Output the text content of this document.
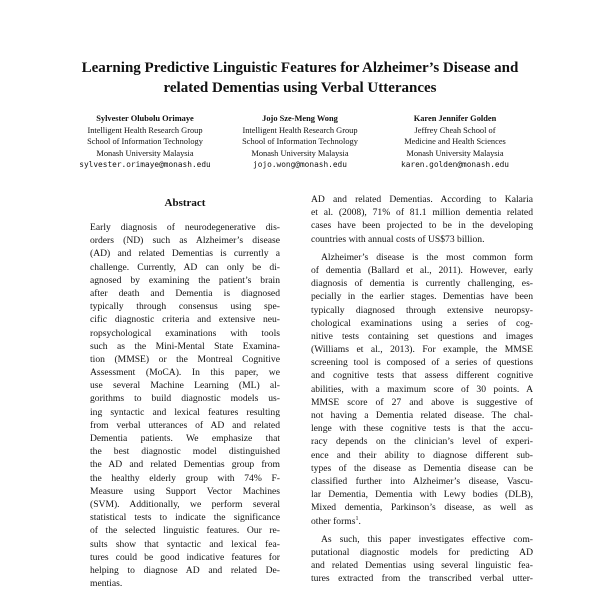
Learning Predictive Linguistic Features for Alzheimer’s Disease and
related Dementias using Verbal Utterances
Sylvester Olubolu Orimaye
Intelligent Health Research Group
School of Information Technology
Monash University Malaysia
sylvester.orimaye@monash.edu
Jojo Sze-Meng Wong
Intelligent Health Research Group
School of Information Technology
Monash University Malaysia
jojo.wong@monash.edu
Karen Jennifer Golden
Jeffrey Cheah School of
Medicine and Health Sciences
Monash University Malaysia
karen.golden@monash.edu
Abstract
Early diagnosis of neurodegenerative dis-
orders (ND) such as Alzheimer’s disease
(AD) and related Dementias is currently a
challenge. Currently, AD can only be di-
agnosed by examining the patient’s brain
after death and Dementia is diagnosed
typically through consensus using spe-
cific diagnostic criteria and extensive neu-
ropsychological examinations with tools
such as the Mini-Mental State Examina-
tion (MMSE) or the Montreal Cognitive
Assessment (MoCA). In this paper, we
use several Machine Learning (ML) al-
gorithms to build diagnostic models us-
ing syntactic and lexical features resulting
from verbal utterances of AD and related
Dementia patients. We emphasize that
the best diagnostic model distinguished
the AD and related Dementias group from
the healthy elderly group with 74% F-
Measure using Support Vector Machines
(SVM). Additionally, we perform several
statistical tests to indicate the significance
of the selected linguistic features. Our re-
sults show that syntactic and lexical fea-
tures could be good indicative features for
helping to diagnose AD and related De-
mentias.
AD and related Dementias. According to Kalaria
et al. (2008), 71% of 81.1 million dementia related
cases have been projected to be in the developing
countries with annual costs of US$73 billion.
Alzheimer’s disease is the most common form
of dementia (Ballard et al., 2011). However, early
diagnosis of dementia is currently challenging, es-
pecially in the earlier stages. Dementias have been
typically diagnosed through extensive neuropsy-
chological examinations using a series of cog-
nitive tests containing set questions and images
(Williams et al., 2013). For example, the MMSE
screening tool is composed of a series of questions
and cognitive tests that assess different cognitive
abilities, with a maximum score of 30 points. A
MMSE score of 27 and above is suggestive of
not having a Dementia related disease. The chal-
lenge with these cognitive tests is that the accu-
racy depends on the clinician’s level of experi-
ence and their ability to diagnose different sub-
types of the disease as Dementia disease can be
classified further into Alzheimer’s disease, Vascu-
lar Dementia, Dementia with Lewy bodies (DLB),
Mixed dementia, Parkinson’s disease, as well as
other forms$^1$.
As such, this paper investigates effective com-
putational diagnostic models for predicting AD
and related Dementias using several linguistic fea-
tures extracted from the transcribed verbal utter-
